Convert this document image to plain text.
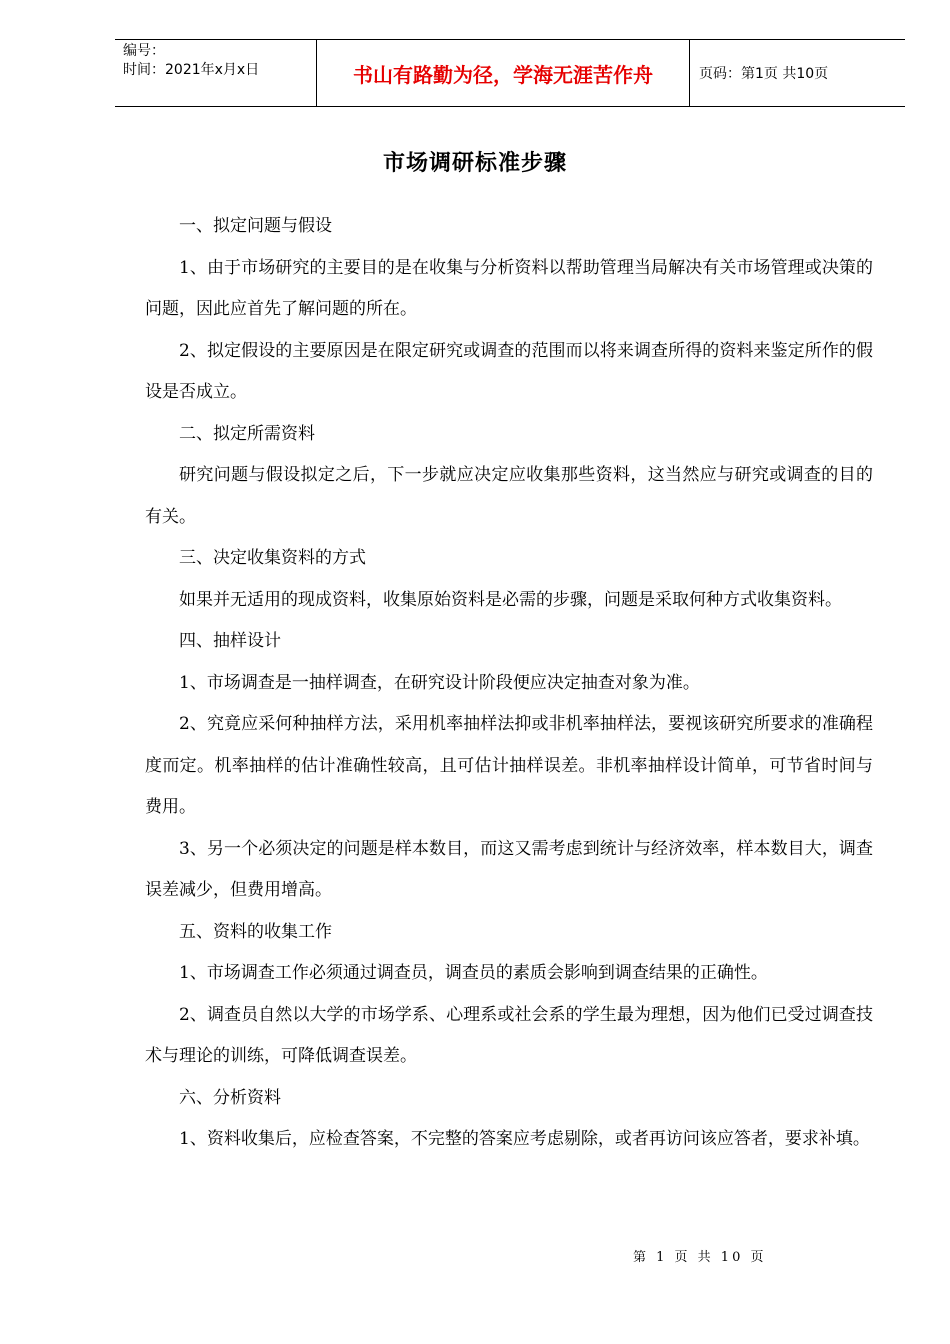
编号：
时间：2021年x月x日	书山有路勤为径，学海无涯苦作舟	页码：第1页 共10页
市场调研标准步骤

一、拟定问题与假设

1、由于市场研究的主要目的是在收集与分析资料以帮助管理当局解决有关市场管理或决策的问题，因此应首先了解问题的所在。

2、拟定假设的主要原因是在限定研究或调查的范围而以将来调查所得的资料来鉴定所作的假设是否成立。

二、拟定所需资料

研究问题与假设拟定之后，下一步就应决定应收集那些资料，这当然应与研究或调查的目的有关。

三、决定收集资料的方式

如果并无适用的现成资料，收集原始资料是必需的步骤，问题是采取何种方式收集资料。

四、抽样设计

1、市场调查是一抽样调查，在研究设计阶段便应决定抽查对象为准。

2、究竟应采何种抽样方法，采用机率抽样法抑或非机率抽样法，要视该研究所要求的准确程度而定。机率抽样的估计准确性较高，且可估计抽样误差。非机率抽样设计简单，可节省时间与费用。

3、另一个必须决定的问题是样本数目，而这又需考虑到统计与经济效率，样本数目大，调查误差减少，但费用增高。

五、资料的收集工作

1、市场调查工作必须通过调查员，调查员的素质会影响到调查结果的正确性。

2、调查员自然以大学的市场学系、心理系或社会系的学生最为理想，因为他们已受过调查技术与理论的训练，可降低调查误差。

六、分析资料

1、资料收集后，应检查答案，不完整的答案应考虑剔除，或者再访问该应答者，要求补填。

第 1 页 共 10 页
